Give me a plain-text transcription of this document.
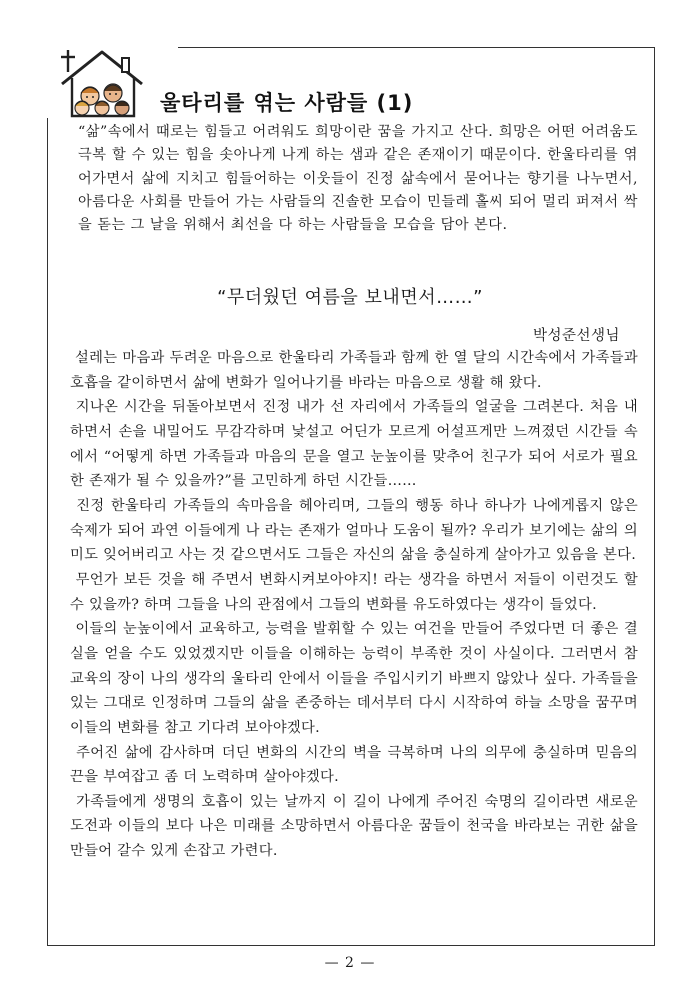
울타리를 엮는 사람들 (1)
“삶”속에서 때로는 힘들고 어려워도 희망이란 꿈을 가지고 산다. 희망은 어떤 어려움도 극복 할 수 있는 힘을 솟아나게 나게 하는 샘과 같은 존재이기 때문이다. 한울타리를 엮어가면서 삶에 지치고 힘들어하는 이웃들이 진정 삶속에서 묻어나는 향기를 나누면서, 아름다운 사회를 만들어 가는 사람들의 진솔한 모습이 민들레 홀씨 되어 멀리 퍼져서 싹을 돋는 그 날을 위해서 최선을 다 하는 사람들을 모습을 담아 본다.
“무더웠던 여름을 보내면서……”
박성준선생님

설레는 마음과 두려운 마음으로 한울타리 가족들과 함께 한 열 달의 시간속에서 가족들과 호흡을 같이하면서 삶에 변화가 일어나기를 바라는 마음으로 생활 해 왔다.

지나온 시간을 뒤돌아보면서 진정 내가 선 자리에서 가족들의 얼굴을 그려본다. 처음 내하면서 손을 내밀어도 무감각하며 낯설고 어딘가 모르게 어설프게만 느껴졌던 시간들 속에서 “어떻게 하면 가족들과 마음의 문을 열고 눈높이를 맞추어 친구가 되어 서로가 필요한 존재가 될 수 있을까?”를 고민하게 하던 시간들……

진정 한울타리 가족들의 속마음을 헤아리며, 그들의 행동 하나 하나가 나에게롭지 않은 숙제가 되어 과연 이들에게 나 라는 존재가 얼마나 도움이 될까? 우리가 보기에는 삶의 의미도 잊어버리고 사는 것 같으면서도 그들은 자신의 삶을 충실하게 살아가고 있음을 본다.

무언가 보든 것을 해 주면서 변화시켜보아야지! 라는 생각을 하면서 저들이 이런것도 할 수 있을까? 하며 그들을 나의 관점에서 그들의 변화를 유도하였다는 생각이 들었다.

이들의 눈높이에서 교육하고, 능력을 발휘할 수 있는 여건을 만들어 주었다면 더 좋은 결실을 얻을 수도 있었겠지만 이들을 이해하는 능력이 부족한 것이 사실이다. 그러면서 참 교육의 장이 나의 생각의 울타리 안에서 이들을 주입시키기 바쁘지 않았나 싶다. 가족들을 있는 그대로 인정하며 그들의 삶을 존중하는 데서부터 다시 시작하여 하늘 소망을 꿈꾸며 이들의 변화를 참고 기다려 보아야겠다.

주어진 삶에 감사하며 더딘 변화의 시간의 벽을 극복하며 나의 의무에 충실하며 믿음의 끈을 부여잡고 좀 더 노력하며 살아야겠다.

가족들에게 생명의 호흡이 있는 날까지 이 길이 나에게 주어진 숙명의 길이라면 새로운 도전과 이들의 보다 나은 미래를 소망하면서 아름다운 꿈들이 천국을 바라보는 귀한 삶을 만들어 갈수 있게 손잡고 가련다.

— 2 —
